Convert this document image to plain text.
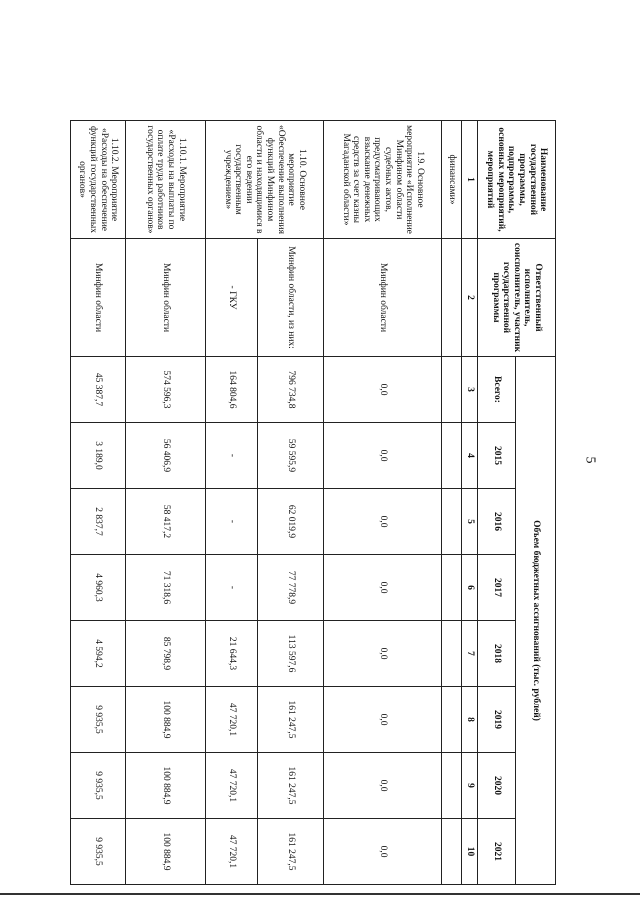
5
Наименование государственной программы, подпрограммы, основных мероприятий, мероприятий	Ответственный исполнитель, соисполнитель, участник государственной программы	Объем бюджетных ассигнований (тыс. рублей)							
		Всего:	2015	2016	2017	2018	2019	2020	2021
1	2	3	4	5	6	7	8	9	10
финансами»									
1.9. Основное мероприятие «Исполнение Минфином области судебных актов, предусматривающих взыскание денежных средств за счет казны Магаданской области»	Минфин области	0,0	0,0	0,0	0,0	0,0	0,0	0,0	0,0
1.10. Основное мероприятие «Обеспечение выполнения функций Минфином области и находящимися в его ведении государственным учреждением»	Минфин области, из них:	796 734,8	59 595,9	62 019,9	77 778,9	113 597,6	161 247,5	161 247,5	161 247,5
	- ГКУ	164 804,6	-	-	-	21 644,3	47 720,1	47 720,1	47 720,1
1.10.1. Мероприятие «Расходы на выплаты по оплате труда работников государственных органов»	Минфин области	574 596,3	56 406,9	58 417,2	71 318,6	85 798,9	100 884,9	100 884,9	100 884,9
1.10.2. Мероприятие «Расходы на обеспечение функций государственных органов»	Минфин области	45 387,7	3 189,0	2 837,7	4 960,3	4 594,2	9 935,5	9 935,5	9 935,5
